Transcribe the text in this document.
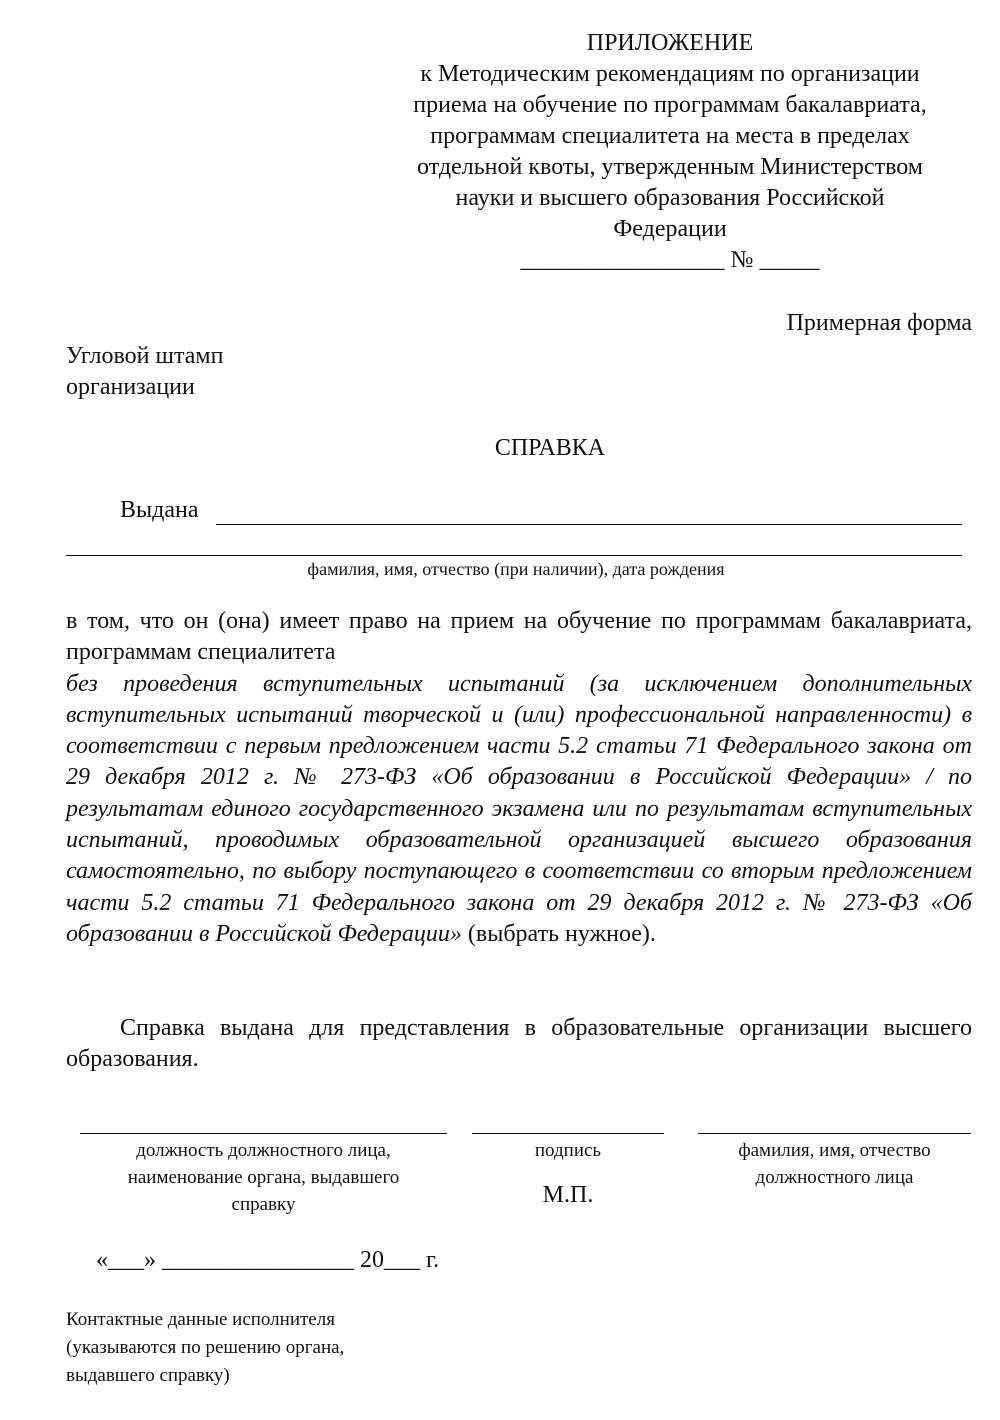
ПРИЛОЖЕНИЕ
к Методическим рекомендациям по организации
приема на обучение по программам бакалавриата,
программам специалитета на места в пределах
отдельной квоты, утвержденным Министерством
науки и высшего образования Российской
Федерации
_________________ № _____
Примерная форма
Угловой штамп
организации
СПРАВКА
Выдана
фамилия, имя, отчество (при наличии), дата рождения

в том, что он (она) имеет право на прием на обучение по программам бакалавриата, программам специалитета
без проведения вступительных испытаний (за исключением дополнительных вступительных испытаний творческой и (или) профессиональной направленности) в соответствии с первым предложением части 5.2 статьи 71 Федерального закона от 29 декабря 2012 г. № 273-ФЗ «Об образовании в Российской Федерации» / по результатам единого государственного экзамена или по результатам вступительных испытаний, проводимых образовательной организацией высшего образования самостоятельно, по выбору поступающего в соответствии со вторым предложением части 5.2 статьи 71 Федерального закона от 29 декабря 2012 г. № 273-ФЗ «Об образовании в Российской Федерации» (выбрать нужное).

Справка выдана для представления в образовательные организации высшего образования.
должность должностного лица,
наименование органа, выдавшего
справку
подпись
М.П.
фамилия, имя, отчество
должностного лица
«___» ________________ 20___ г.
Контактные данные исполнителя
(указываются по решению органа,
выдавшего справку)
